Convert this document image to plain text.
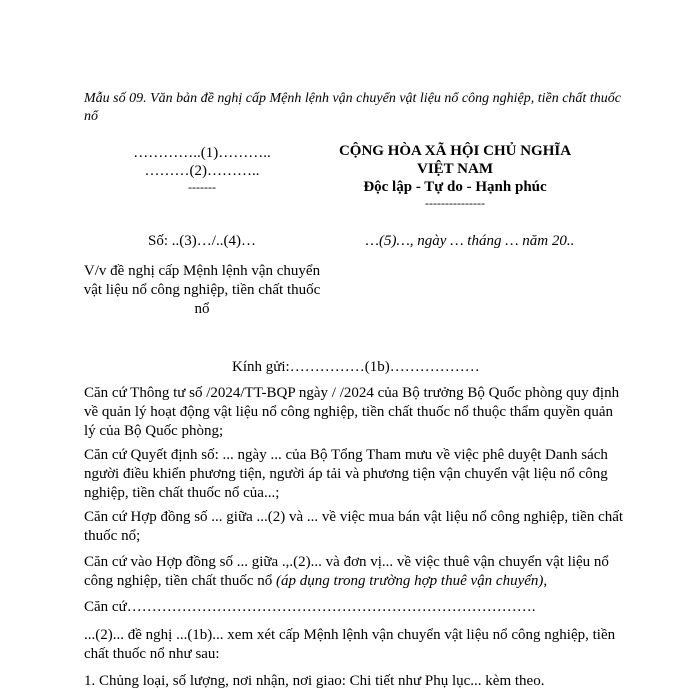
Mẫu số 09. Văn bản đề nghị cấp Mệnh lệnh vận chuyển vật liệu nổ công nghiệp, tiền chất thuốc nổ

…………..(1)………..

………(2)………..

-------

CỘNG HÒA XÃ HỘI CHỦ NGHĨA VIỆT NAM

Độc lập - Tự do - Hạnh phúc

---------------

Số: ..(3)…/..(4)…	…(5)…, ngày … tháng … năm 20..

V/v đề nghị cấp Mệnh lệnh vận chuyển vật liệu nổ công nghiệp, tiền chất thuốc nổ

Kính gửi:……………(1b)………………

Căn cứ Thông tư số /2024/TT-BQP ngày / /2024 của Bộ trưởng Bộ Quốc phòng quy định về quản lý hoạt động vật liệu nổ công nghiệp, tiền chất thuốc nổ thuộc thẩm quyền quản lý của Bộ Quốc phòng;

Căn cứ Quyết định số: ... ngày ... của Bộ Tổng Tham mưu về việc phê duyệt Danh sách người điều khiển phương tiện, người áp tải và phương tiện vận chuyển vật liệu nổ công nghiệp, tiền chất thuốc nổ của...;

Căn cứ Hợp đồng số ... giữa ...(2) và ... về việc mua bán vật liệu nổ công nghiệp, tiền chất thuốc nổ;

Căn cứ vào Hợp đồng số ... giữa .,.(2)... và đơn vị... về việc thuê vận chuyển vật liệu nổ công nghiệp, tiền chất thuốc nổ (áp dụng trong trường hợp thuê vận chuyển),

Căn cứ……………………………………………………………………….

...(2)... đề nghị ...(1b)... xem xét cấp Mệnh lệnh vận chuyển vật liệu nổ công nghiệp, tiền chất thuốc nổ như sau:

1. Chủng loại, số lượng, nơi nhận, nơi giao: Chi tiết như Phụ lục... kèm theo.
